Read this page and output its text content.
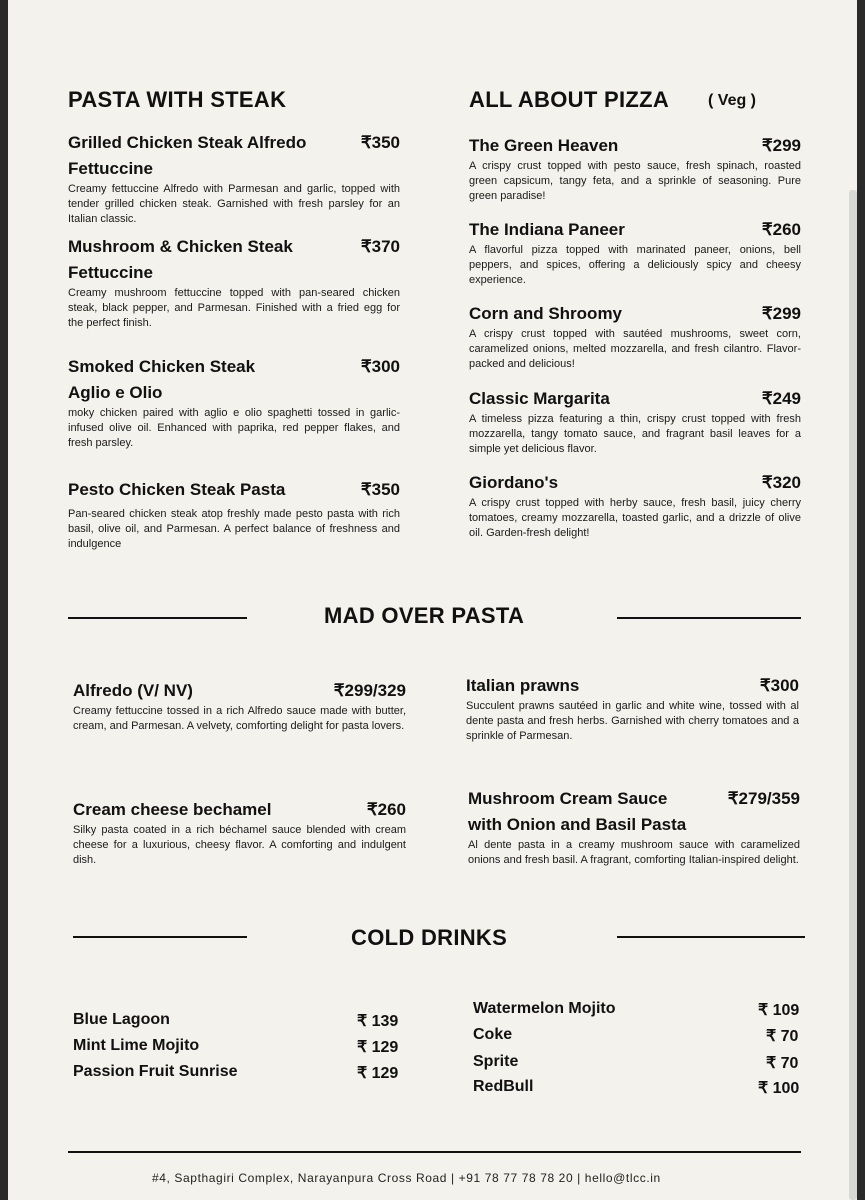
PASTA WITH STEAK
Grilled Chicken Steak Alfredo
Fettuccine
₹350
Creamy fettuccine Alfredo with Parmesan and garlic, topped with tender grilled chicken steak. Garnished with fresh parsley for an Italian classic.
Mushroom & Chicken Steak
Fettuccine
₹370
Creamy mushroom fettuccine topped with pan-seared chicken steak, black pepper, and Parmesan. Finished with a fried egg for the perfect finish.
Smoked Chicken Steak
Aglio e Olio
₹300
moky chicken paired with aglio e olio spaghetti tossed in garlic-infused olive oil. Enhanced with paprika, red pepper flakes, and fresh parsley.
Pesto Chicken Steak Pasta	₹350
Pan-seared chicken steak atop freshly made pesto pasta with rich basil, olive oil, and Parmesan. A perfect balance of freshness and indulgence
ALL ABOUT PIZZA ( Veg )
The Green Heaven	₹299
A crispy crust topped with pesto sauce, fresh spinach, roasted green capsicum, tangy feta, and a sprinkle of seasoning. Pure green paradise!
The Indiana Paneer	₹260
A flavorful pizza topped with marinated paneer, onions, bell peppers, and spices, offering a deliciously spicy and cheesy experience.
Corn and Shroomy	₹299
A crispy crust topped with sautéed mushrooms, sweet corn, caramelized onions, melted mozzarella, and fresh cilantro. Flavor-packed and delicious!
Classic Margarita	₹249
A timeless pizza featuring a thin, crispy crust topped with fresh mozzarella, tangy tomato sauce, and fragrant basil leaves for a simple yet delicious flavor.
Giordano's	₹320
A crispy crust topped with herby sauce, fresh basil, juicy cherry tomatoes, creamy mozzarella, toasted garlic, and a drizzle of olive oil. Garden-fresh delight!
MAD OVER PASTA
Alfredo (V/ NV)	₹299/329
Creamy fettuccine tossed in a rich Alfredo sauce made with butter, cream, and Parmesan. A velvety, comforting delight for pasta lovers.
Cream cheese bechamel	₹260
Silky pasta coated in a rich béchamel sauce blended with cream cheese for a luxurious, cheesy flavor. A comforting and indulgent dish.
Italian prawns	₹300
Succulent prawns sautéed in garlic and white wine, tossed with al dente pasta and fresh herbs. Garnished with cherry tomatoes and a sprinkle of Parmesan.
Mushroom Cream Sauce
with Onion and Basil Pasta
₹279/359
Al dente pasta in a creamy mushroom sauce with caramelized onions and fresh basil. A fragrant, comforting Italian-inspired delight.
COLD DRINKS
Blue Lagoon	₹ 139
Mint Lime Mojito	₹ 129
Passion Fruit Sunrise	₹ 129
Watermelon Mojito	₹ 109
Coke	₹ 70
Sprite	₹ 70
RedBull	₹ 100
#4, Sapthagiri Complex, Narayanpura Cross Road | +91 78 77 78 78 20 | hello@tlcc.in
